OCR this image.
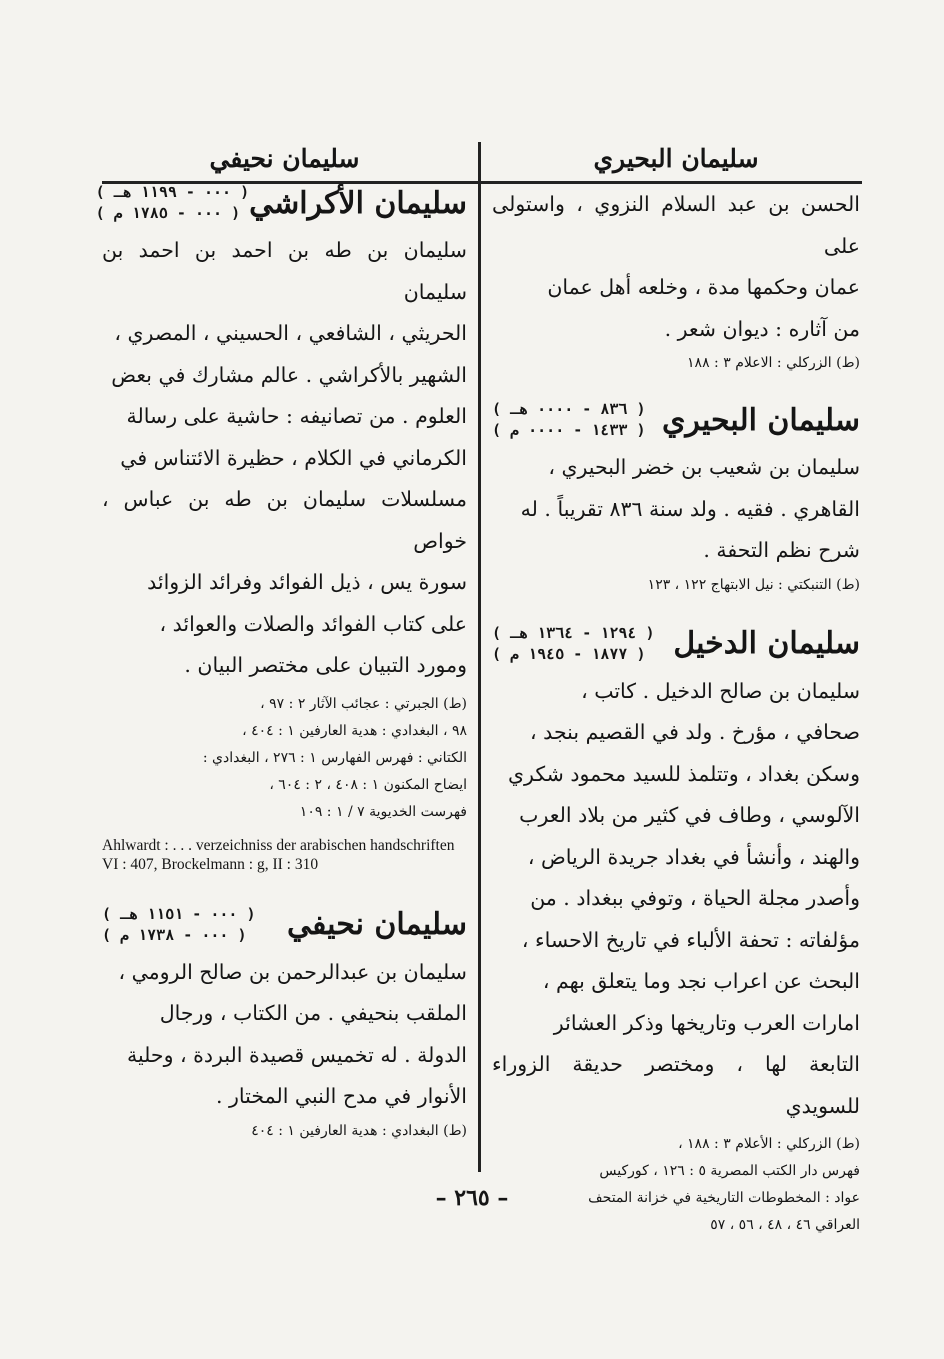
سليمان البحيري
الحسن بن عبد السلام النزوي ، واستولى على
عمان وحكمها مدة ، وخلعه أهل عمان
من آثاره : ديوان شعر .
(ط) الزركلي : الاعلام ٣ : ١٨٨
سليمان البحيري
( ٨٣٦ - ٠٠٠٠ هـ )
( ١٤٣٣ - ٠٠٠٠ م )
سليمان بن شعيب بن خضر البحيري ،
القاهري . فقيه . ولد سنة ٨٣٦ تقريباً . له
شرح نظم التحفة .
(ط) التنبكتي : نيل الابتهاج ١٢٢ ، ١٢٣
سليمان الدخيل
( ١٢٩٤ - ١٣٦٤ هـ )
( ١٨٧٧ - ١٩٤٥ م )
سليمان بن صالح الدخيل . كاتب ،
صحافي ، مؤرخ . ولد في القصيم بنجد ،
وسكن بغداد ، وتتلمذ للسيد محمود شكري
الآلوسي ، وطاف في كثير من بلاد العرب
والهند ، وأنشأ في بغداد جريدة الرياض ،
وأصدر مجلة الحياة ، وتوفي ببغداد . من
مؤلفاته : تحفة الألباء في تاريخ الاحساء ،
البحث عن اعراب نجد وما يتعلق بهم ،
امارات العرب وتاريخها وذكر العشائر
التابعة لها ، ومختصر حديقة الزوراء للسويدي
(ط) الزركلي : الأعلام ٣ : ١٨٨ ،
فهرس دار الكتب المصرية ٥ : ١٢٦ ، كوركيس
عواد : المخطوطات التاريخية في خزانة المتحف
العراقي ٤٦ ، ٤٨ ، ٥٦ ، ٥٧
سليمان نحيفي
سليمان الأكراشي
( ٠٠٠ - ١١٩٩ هـ )
( ٠٠٠ - ١٧٨٥ م )
سليمان بن طه بن احمد بن احمد بن سليمان
الحريثي ، الشافعي ، الحسيني ، المصري ،
الشهير بالأكراشي . عالم مشارك في بعض
العلوم . من تصانيفه : حاشية على رسالة
الكرماني في الكلام ، حظيرة الائتناس في
مسلسلات سليمان بن طه بن عباس ، خواص
سورة يس ، ذيل الفوائد وفرائد الزوائد
على كتاب الفوائد والصلات والعوائد ،
ومورد التبيان على مختصر البيان .
(ط) الجبرتي : عجائب الآثار ٢ : ٩٧ ،
٩٨ ، البغدادي : هدية العارفين ١ : ٤٠٤ ،
الكتاني : فهرس الفهارس ١ : ٢٧٦ ، البغدادي :
ايضاح المكنون ١ : ٤٠٨ ، ٢ : ٦٠٤ ،
فهرست الخديوية ٧ / ١ : ١٠٩
Ahlwardt : . . . verzeichniss der arabischen handschriften VI : 407, Brockelmann : g, II : 310
سليمان نحيفي
( ٠٠٠ - ١١٥١ هـ )
( ٠٠٠ - ١٧٣٨ م )
سليمان بن عبدالرحمن بن صالح الرومي ،
الملقب بنحيفي . من الكتاب ، ورجال
الدولة . له تخميس قصيدة البردة ، وحلية
الأنوار في مدح النبي المختار .
(ط) البغدادي : هدية العارفين ١ : ٤٠٤
– ٢٦٥ –
